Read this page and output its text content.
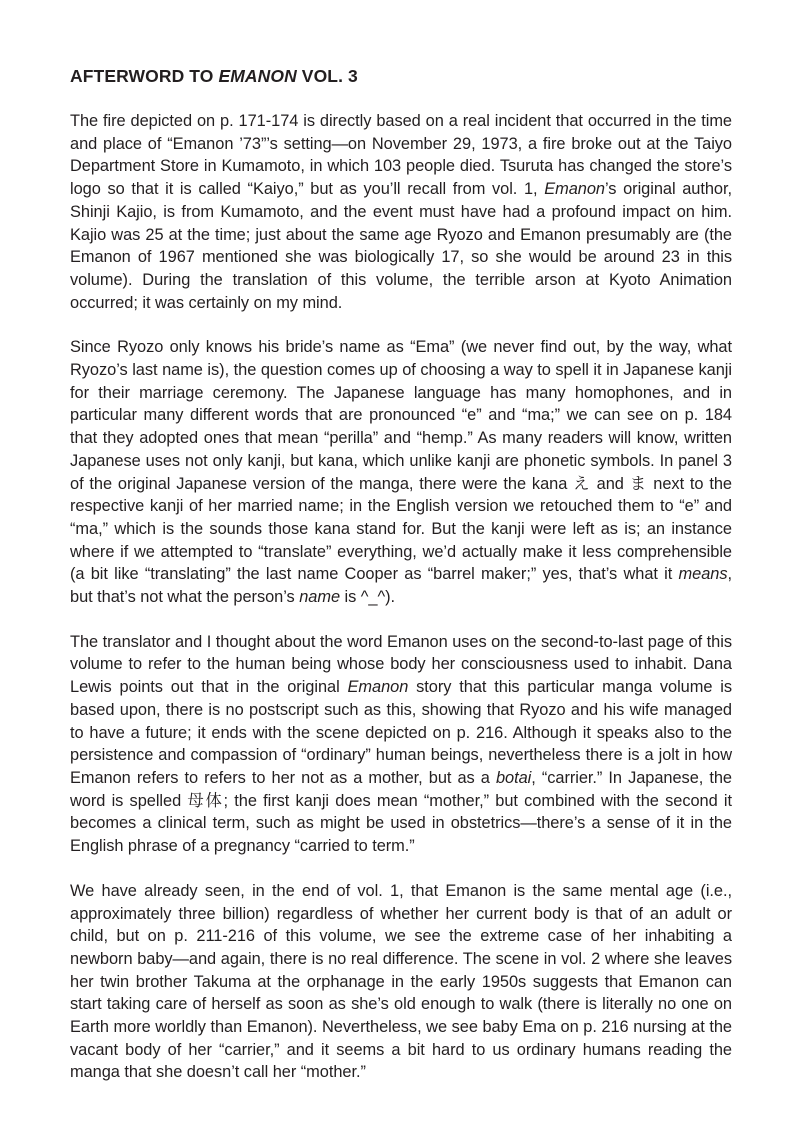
AFTERWORD TO EMANON VOL. 3

The fire depicted on p. 171-174 is directly based on a real incident that occurred in the time and place of “Emanon ’73”’s setting—on November 29, 1973, a fire broke out at the Taiyo Department Store in Kumamoto, in which 103 people died. Tsuruta has changed the store’s logo so that it is called “Kaiyo,” but as you’ll recall from vol. 1, Emanon’s original author, Shinji Kajio, is from Kumamoto, and the event must have had a profound impact on him. Kajio was 25 at the time; just about the same age Ryozo and Emanon presumably are (the Emanon of 1967 mentioned she was biologically 17, so she would be around 23 in this volume). During the translation of this volume, the terrible arson at Kyoto Animation occurred; it was certainly on my mind.

Since Ryozo only knows his bride’s name as “Ema” (we never find out, by the way, what Ryozo’s last name is), the question comes up of choosing a way to spell it in Japanese kanji for their marriage ceremony. The Japanese language has many homophones, and in particular many different words that are pronounced “e” and “ma;” we can see on p. 184 that they adopted ones that mean “perilla” and “hemp.” As many readers will know, written Japanese uses not only kanji, but kana, which unlike kanji are phonetic symbols. In panel 3 of the original Japanese version of the manga, there were the kana え and ま next to the respective kanji of her married name; in the English version we retouched them to “e” and “ma,” which is the sounds those kana stand for. But the kanji were left as is; an instance where if we attempted to “translate” everything, we’d actually make it less comprehensible (a bit like “translating” the last name Cooper as “barrel maker;” yes, that’s what it means, but that’s not what the person’s name is ^_^).

The translator and I thought about the word Emanon uses on the second-to-last page of this volume to refer to the human being whose body her consciousness used to inhabit. Dana Lewis points out that in the original Emanon story that this particular manga volume is based upon, there is no postscript such as this, showing that Ryozo and his wife managed to have a future; it ends with the scene depicted on p. 216. Although it speaks also to the persistence and compassion of “ordinary” human beings, nevertheless there is a jolt in how Emanon refers to refers to her not as a mother, but as a botai, “carrier.” In Japanese, the word is spelled 母体; the first kanji does mean “mother,” but combined with the second it becomes a clinical term, such as might be used in obstetrics—there’s a sense of it in the English phrase of a pregnancy “carried to term.”

We have already seen, in the end of vol. 1, that Emanon is the same mental age (i.e., approximately three billion) regardless of whether her current body is that of an adult or child, but on p. 211-216 of this volume, we see the extreme case of her inhabiting a newborn baby—and again, there is no real difference. The scene in vol. 2 where she leaves her twin brother Takuma at the orphanage in the early 1950s suggests that Emanon can start taking care of herself as soon as she’s old enough to walk (there is literally no one on Earth more worldly than Emanon). Nevertheless, we see baby Ema on p. 216 nursing at the vacant body of her “carrier,” and it seems a bit hard to us ordinary humans reading the manga that she doesn’t call her “mother.”
